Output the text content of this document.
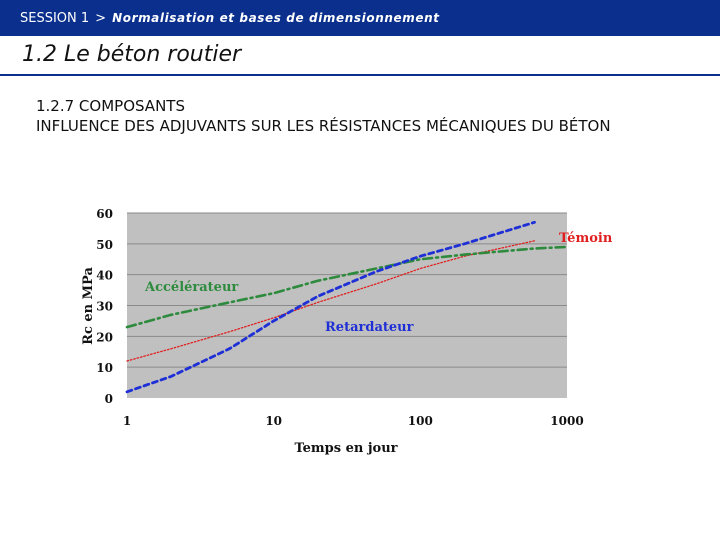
SESSION 1 > Normalisation et bases de dimensionnement
1.2 Le béton routier
1.2.7 COMPOSANTS
INFLUENCE DES ADJUVANTS SUR LES RÉSISTANCES MÉCANIQUES DU BÉTON
0
10
20
30
40
50
60
1	10	100	1000
Témoin
Accélérateur
Retardateur
Temps en jour
Rc en MPa
